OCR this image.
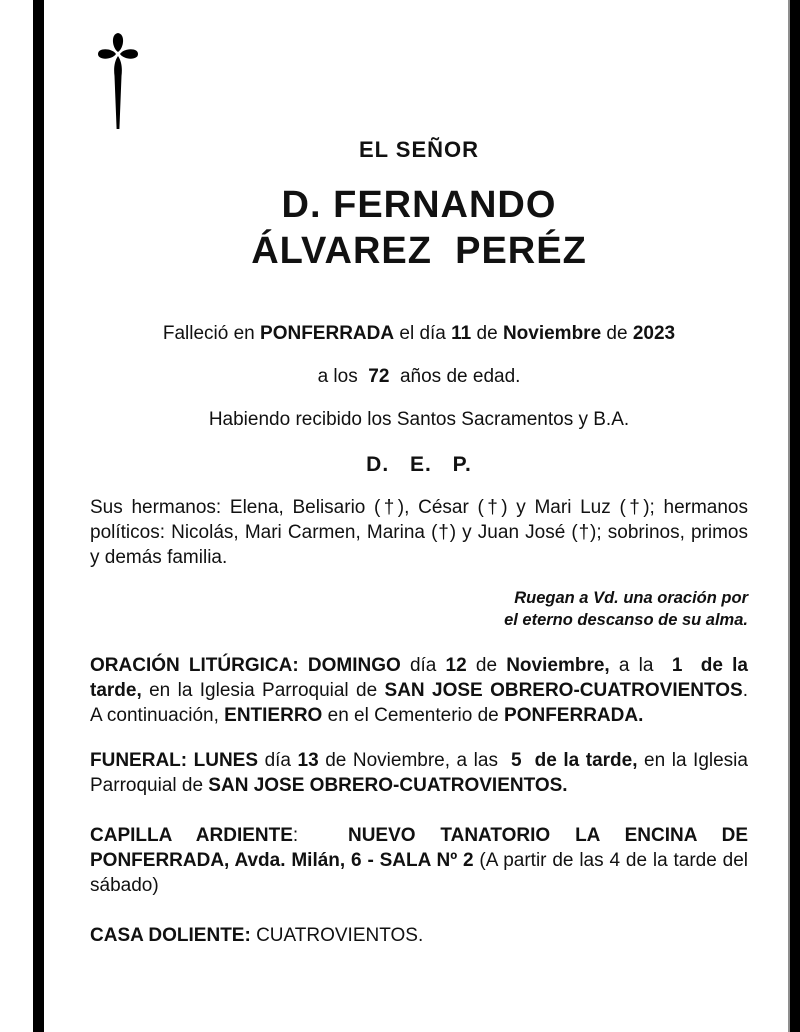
EL SEÑOR
D. FERNANDO
ÁLVAREZ  PERÉZ

Falleció en PONFERRADA el día 11 de Noviembre de 2023

a los  72  años de edad.

Habiendo recibido los Santos Sacramentos y B.A.

D. E. P.

Sus hermanos: Elena, Belisario (†), César (†) y Mari Luz (†); hermanos políticos: Nicolás, Mari Carmen, Marina (†) y Juan José (†); sobrinos, primos y demás familia.

Ruegan a Vd. una oración por
el eterno descanso de su alma.

ORACIÓN LITÚRGICA: DOMINGO día 12 de Noviembre, a la  1  de la tarde, en la Iglesia Parroquial de SAN JOSE OBRERO-CUATROVIENTOS. A continuación, ENTIERRO en el Cementerio de PONFERRADA.

FUNERAL: LUNES día 13 de Noviembre, a las  5  de la tarde, en la Iglesia Parroquial de SAN JOSE OBRERO-CUATROVIENTOS.

CAPILLA ARDIENTE:  NUEVO TANATORIO LA ENCINA DE PONFERRADA, Avda. Milán, 6 - SALA Nº 2 (A partir de las 4 de la tarde del sábado)

CASA DOLIENTE: CUATROVIENTOS.
